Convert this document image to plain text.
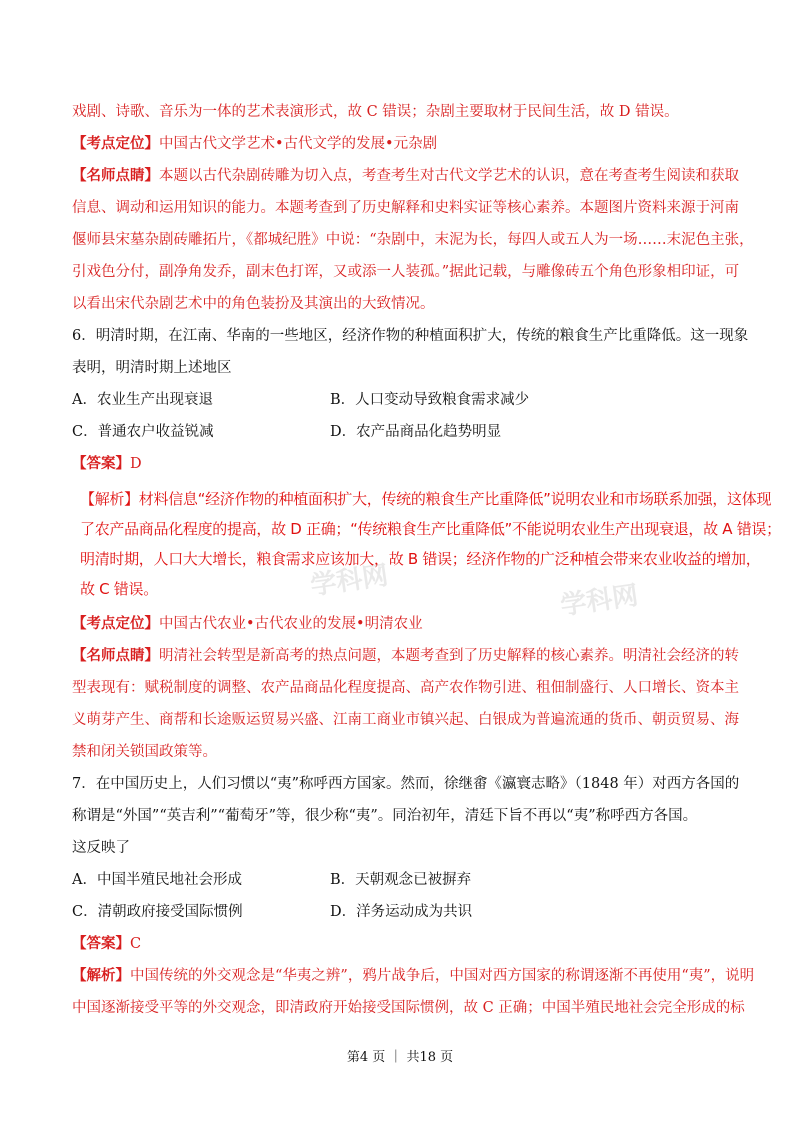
学科网	学科网
戏剧、诗歌、音乐为一体的艺术表演形式，故 C 错误；杂剧主要取材于民间生活，故 D 错误。
【考点定位】中国古代文学艺术•古代文学的发展•元杂剧
【名师点睛】本题以古代杂剧砖雕为切入点，考查考生对古代文学艺术的认识，意在考查考生阅读和获取
信息、调动和运用知识的能力。本题考查到了历史解释和史料实证等核心素养。本题图片资料来源于河南
偃师县宋墓杂剧砖雕拓片，《都城纪胜》中说：“杂剧中，末泥为长，每四人或五人为一场……末泥色主张，
引戏色分付，副净角发乔，副末色打诨，又或添一人装孤。”据此记载，与雕像砖五个角色形象相印证，可
以看出宋代杂剧艺术中的角色装扮及其演出的大致情况。
6．明清时期，在江南、华南的一些地区，经济作物的种植面积扩大，传统的粮食生产比重降低。这一现象
表明，明清时期上述地区
A．农业生产出现衰退	B．人口变动导致粮食需求减少
C．普通农户收益锐减	D．农产品商品化趋势明显
【答案】D
【解析】材料信息“经济作物的种植面积扩大，传统的粮食生产比重降低”说明农业和市场联系加强，这体现
了农产品商品化程度的提高，故 D 正确；“传统粮食生产比重降低”不能说明农业生产出现衰退，故 A 错误；
明清时期，人口大大增长，粮食需求应该加大，故 B 错误；经济作物的广泛种植会带来农业收益的增加，
故 C 错误。
【考点定位】中国古代农业•古代农业的发展•明清农业
【名师点睛】明清社会转型是新高考的热点问题，本题考查到了历史解释的核心素养。明清社会经济的转
型表现有：赋税制度的调整、农产品商品化程度提高、高产农作物引进、租佃制盛行、人口增长、资本主
义萌芽产生、商帮和长途贩运贸易兴盛、江南工商业市镇兴起、白银成为普遍流通的货币、朝贡贸易、海
禁和闭关锁国政策等。
7．在中国历史上，人们习惯以“夷”称呼西方国家。然而，徐继畬《瀛寰志略》（1848 年）对西方各国的
称谓是“外国”“英吉利”“葡萄牙”等，很少称“夷”。同治初年，清廷下旨不再以“夷”称呼西方各国。
这反映了
A．中国半殖民地社会形成	B．天朝观念已被摒弃
C．清朝政府接受国际惯例	D．洋务运动成为共识
【答案】C
【解析】中国传统的外交观念是“华夷之辨”，鸦片战争后，中国对西方国家的称谓逐渐不再使用“夷”，说明
中国逐渐接受平等的外交观念，即清政府开始接受国际惯例，故 C 正确；中国半殖民地社会完全形成的标
第4 页 ｜ 共18 页
